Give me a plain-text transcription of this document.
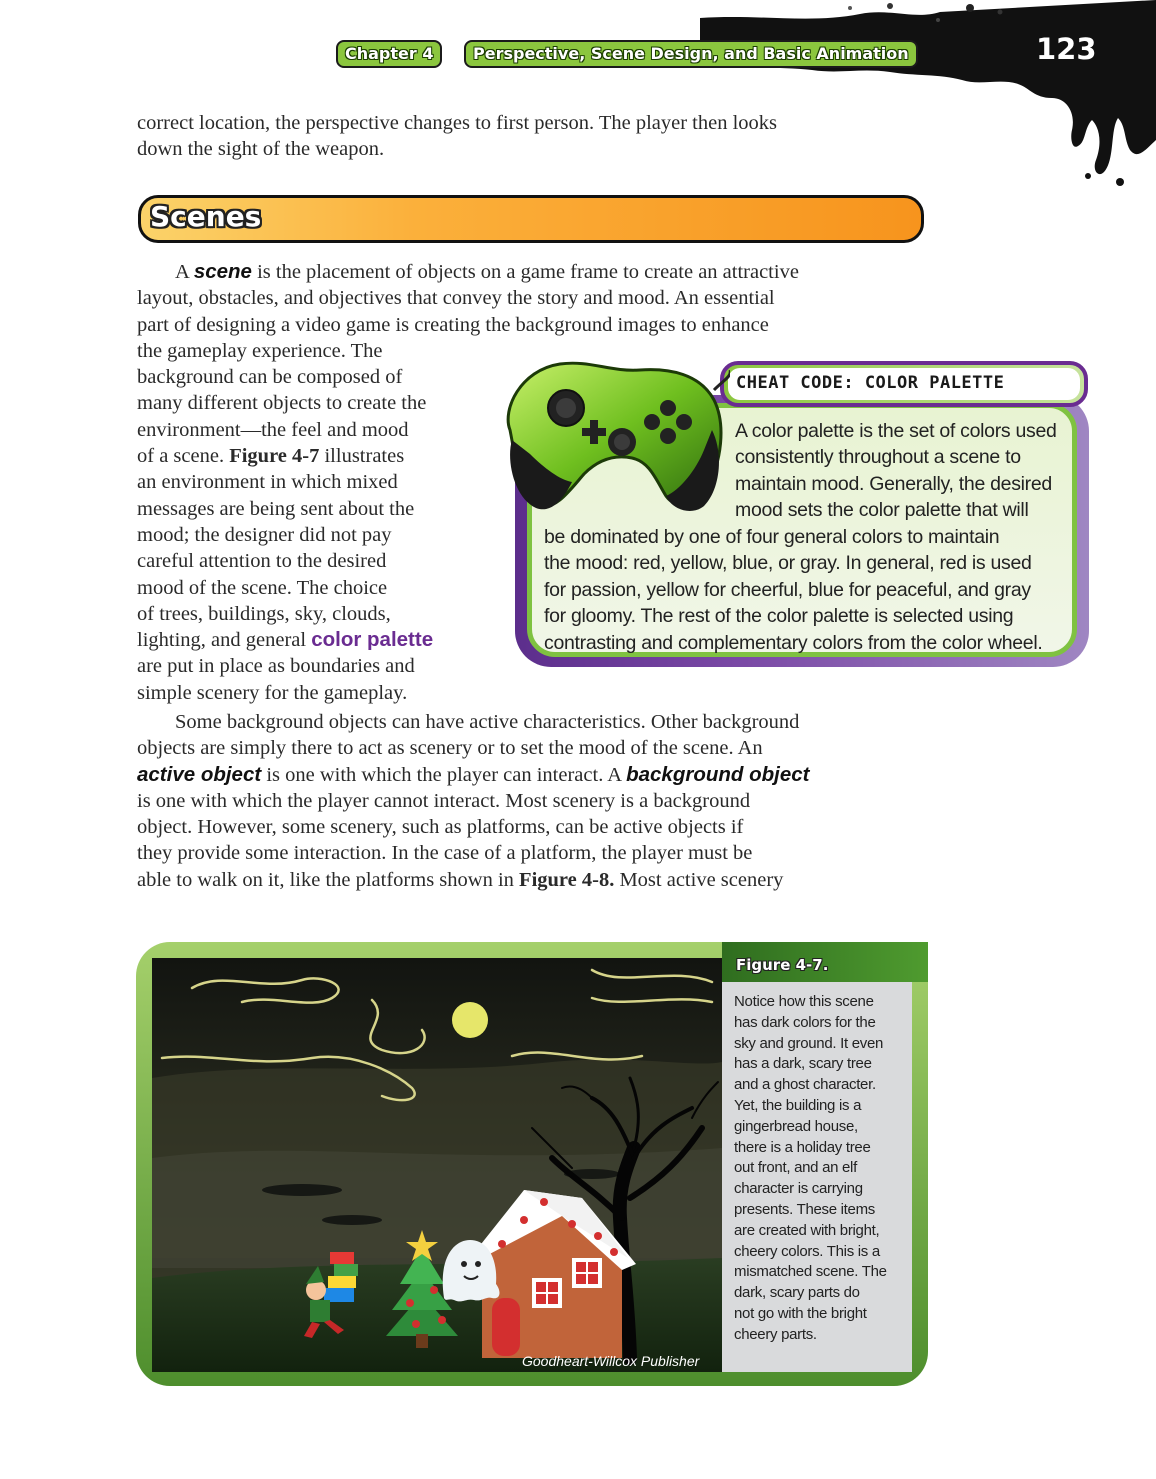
Chapter 4	Perspective, Scene Design, and Basic Animation	123

correct location, the perspective changes to first person. The player then looks

down the sight of the weapon.

Scenes

A scene is the placement of objects on a game frame to create an attractive

layout, obstacles, and objectives that convey the story and mood. An essential

part of designing a video game is creating the background images to enhance

the gameplay experience. The

background can be composed of

many different objects to create the

environment—the feel and mood

of a scene. Figure 4-7 illustrates

an environment in which mixed

messages are being sent about the

mood; the designer did not pay

careful attention to the desired

mood of the scene. The choice

of trees, buildings, sky, clouds,

lighting, and general color palette

are put in place as boundaries and

simple scenery for the gameplay.

CHEAT CODE: COLOR PALETTE

A color palette is the set of colors used

consistently throughout a scene to

maintain mood. Generally, the desired

mood sets the color palette that will

be dominated by one of four general colors to maintain

the mood: red, yellow, blue, or gray. In general, red is used

for passion, yellow for cheerful, blue for peaceful, and gray

for gloomy. The rest of the color palette is selected using

contrasting and complementary colors from the color wheel.

Some background objects can have active characteristics. Other background

objects are simply there to act as scenery or to set the mood of the scene. An

active object is one with which the player can interact. A background object

is one with which the player cannot interact. Most scenery is a background

object. However, some scenery, such as platforms, can be active objects if

they provide some interaction. In the case of a platform, the player must be

able to walk on it, like the platforms shown in Figure 4-8. Most active scenery

Figure 4-7.

Notice how this scene

has dark colors for the

sky and ground. It even

has a dark, scary tree

and a ghost character.

Yet, the building is a

gingerbread house,

there is a holiday tree

out front, and an elf

character is carrying

presents. These items

are created with bright,

cheery colors. This is a

mismatched scene. The

dark, scary parts do

not go with the bright

cheery parts.

Goodheart-Willcox Publisher
